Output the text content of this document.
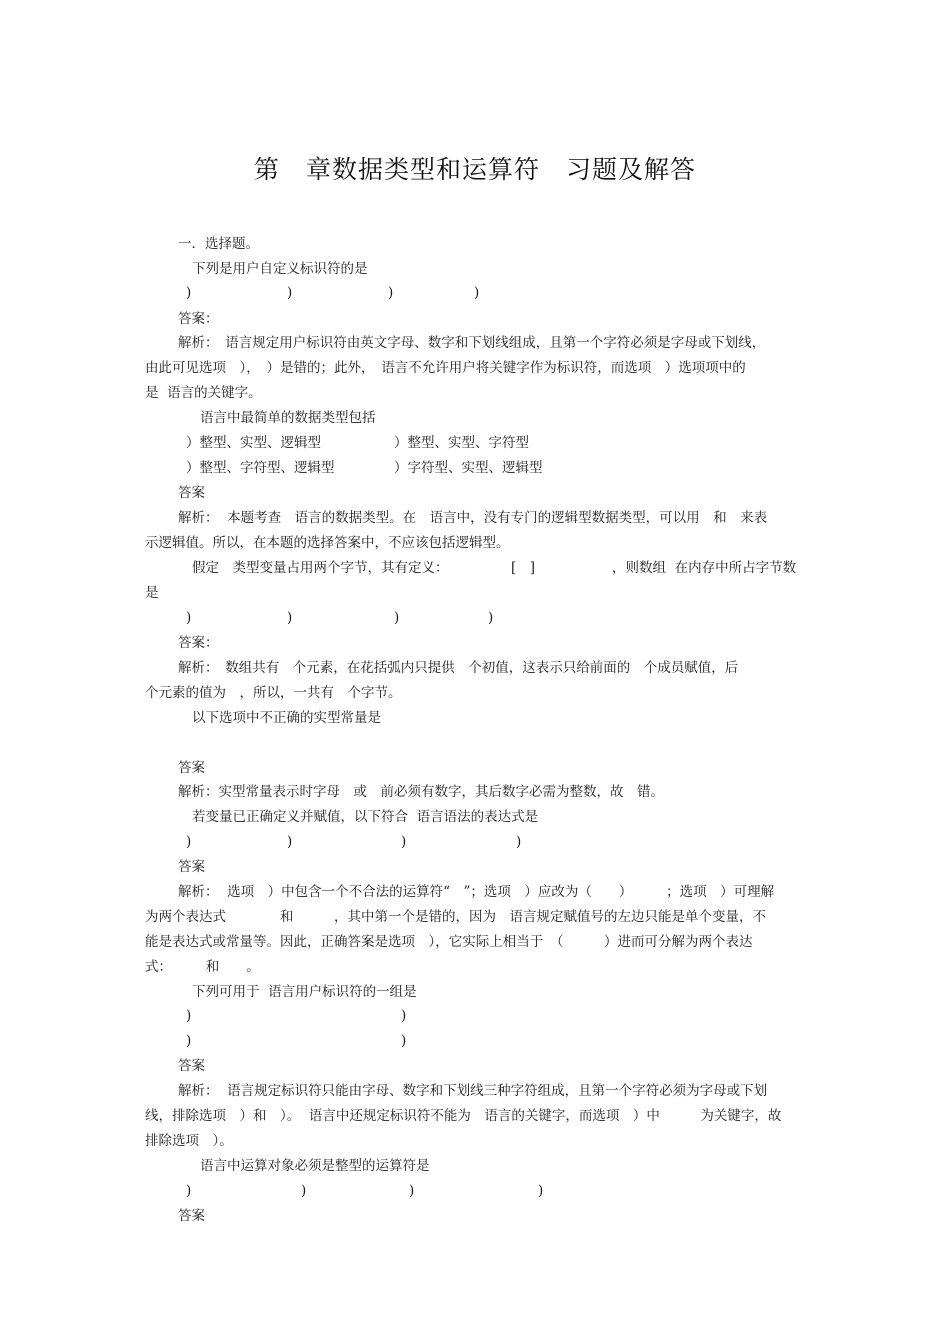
第　章数据类型和运算符　习题及解答
一．选择题。
下列是用户自定义标识符的是
)	)	)	)
答案：
解析：　语言规定用户标识符由英文字母、数字和下划线组成，且第一个字符必须是字母或下划线，
由此可见选项　），　）是错的；此外，　语言不允许用户将关键字作为标识符，而选项　）选项项中的
是  语言的关键字。
语言中最简单的数据类型包括
）整型、实型、逻辑型	）整型、实型、字符型
）整型、字符型、逻辑型	）字符型、实型、逻辑型
答案
解析：  本题考查　语言的数据类型。在　语言中，没有专门的逻辑型数据类型，可以用　和　来表
示逻辑值。所以，在本题的选择答案中，不应该包括逻辑型。
假定　类型变量占用两个字节，其有定义：	[　]	，则数组  在内存中所占字节数
是
)	)	)	)
答案：
解析：　数组共有　个元素，在花括弧内只提供　个初值，这表示只给前面的　个成员赋值，后
个元素的值为　，所以，一共有　个字节。
以下选项中不正确的实型常量是
答案
解析：实型常量表示时字母　或　前必须有数字，其后数字必需为整数，故　错。
若变量已正确定义并赋值，以下符合  语言语法的表达式是
)	)	)	)
答案
解析：  选项　）中包含一个不合法的运算符“　”；选项　）应改为（　　）　　　；选项　）可理解
为两个表达式　　　　和　　　，其中第一个是错的，因为　语言规定赋值号的左边只能是单个变量，不
能是表达式或常量等。因此，正确答案是选项　），它实际上相当于　（　　　）进而可分解为两个表达
式：　　　和　　。
下列可用于  语言用户标识符的一组是
)	)
)	)
答案
解析：  语言规定标识符只能由字母、数字和下划线三种字符组成，且第一个字符必须为字母或下划
线，排除选项　）和　）。  语言中还规定标识符不能为　语言的关键字，而选项　）中　　　为关键字，故
排除选项　）。
语言中运算对象必须是整型的运算符是
)	)	)	)
答案
